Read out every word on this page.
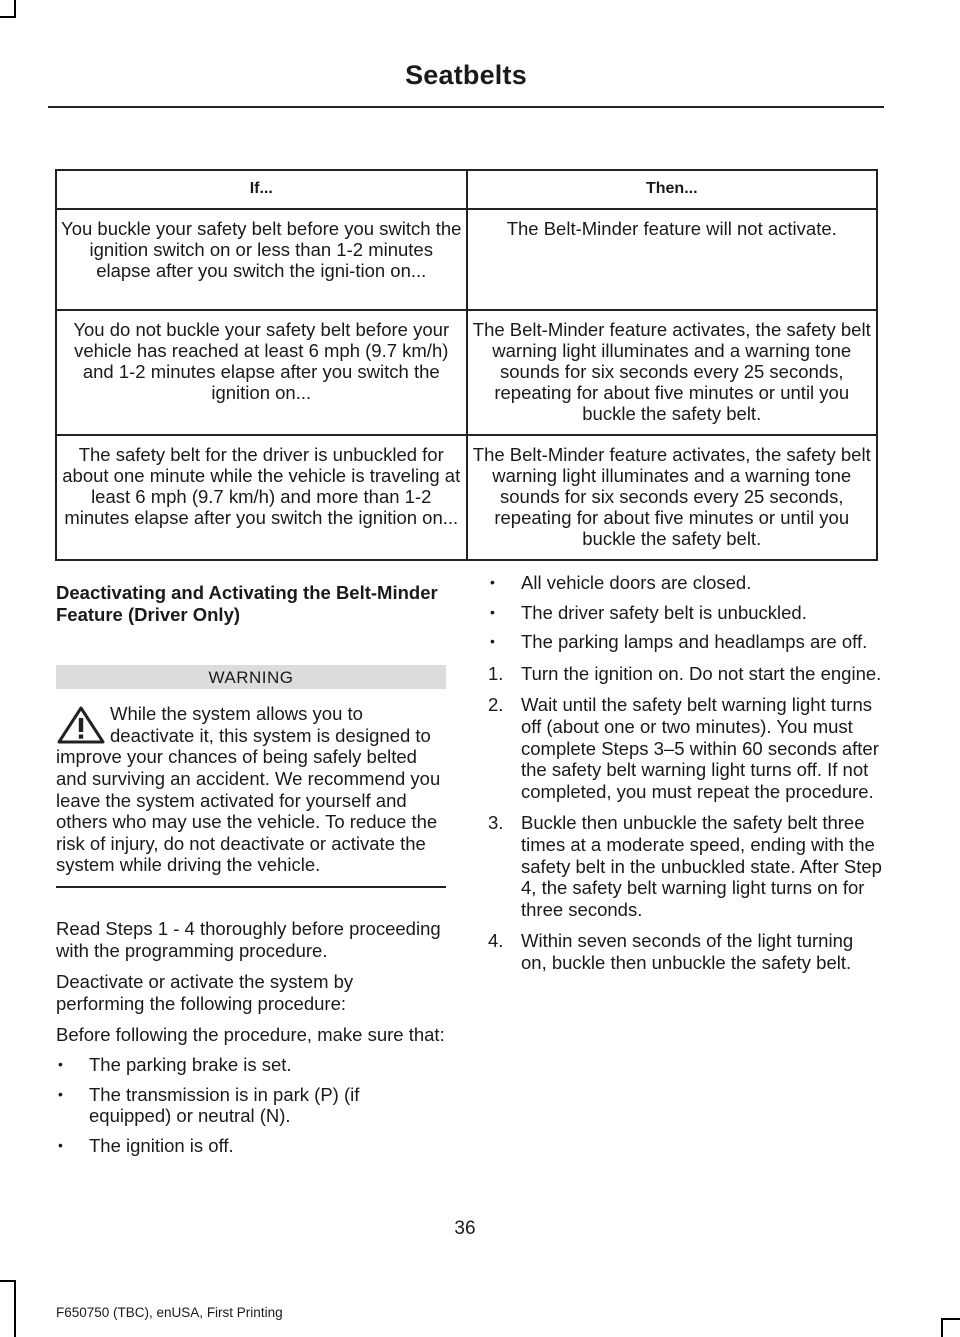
Seatbelts
If...	Then...
You buckle your safety belt before you switch the ignition switch on or less than 1-2 minutes elapse after you switch the igni-tion on...	The Belt-Minder feature will not activate.
You do not buckle your safety belt before your vehicle has reached at least 6 mph (9.7 km/h) and 1-2 minutes elapse after you switch the ignition on...	The Belt-Minder feature activates, the safety belt warning light illuminates and a warning tone sounds for six seconds every 25 seconds, repeating for about five minutes or until you buckle the safety belt.
The safety belt for the driver is unbuckled for about one minute while the vehicle is traveling at least 6 mph (9.7 km/h) and more than 1-2 minutes elapse after you switch the ignition on...	The Belt-Minder feature activates, the safety belt warning light illuminates and a warning tone sounds for six seconds every 25 seconds, repeating for about five minutes or until you buckle the safety belt.
Deactivating and Activating the Belt-Minder Feature (Driver Only)
WARNING
While the system allows you to deactivate it, this system is designed to improve your chances of being safely belted and surviving an accident. We recommend you leave the system activated for yourself and others who may use the vehicle. To reduce the risk of injury, do not deactivate or activate the system while driving the vehicle.

Read Steps 1 - 4 thoroughly before proceeding with the programming procedure.

Deactivate or activate the system by performing the following procedure:

Before following the procedure, make sure that:

• The parking brake is set.
• The transmission is in park (P) (if equipped) or neutral (N).
• The ignition is off.
• All vehicle doors are closed.
• The driver safety belt is unbuckled.
• The parking lamps and headlamps are off.
1. Turn the ignition on. Do not start the engine.
2. Wait until the safety belt warning light turns off (about one or two minutes). You must complete Steps 3–5 within 60 seconds after the safety belt warning light turns off. If not completed, you must repeat the procedure.
3. Buckle then unbuckle the safety belt three times at a moderate speed, ending with the safety belt in the unbuckled state. After Step 4, the safety belt warning light turns on for three seconds.
4. Within seven seconds of the light turning on, buckle then unbuckle the safety belt.
36
F650750 (TBC), enUSA, First Printing
